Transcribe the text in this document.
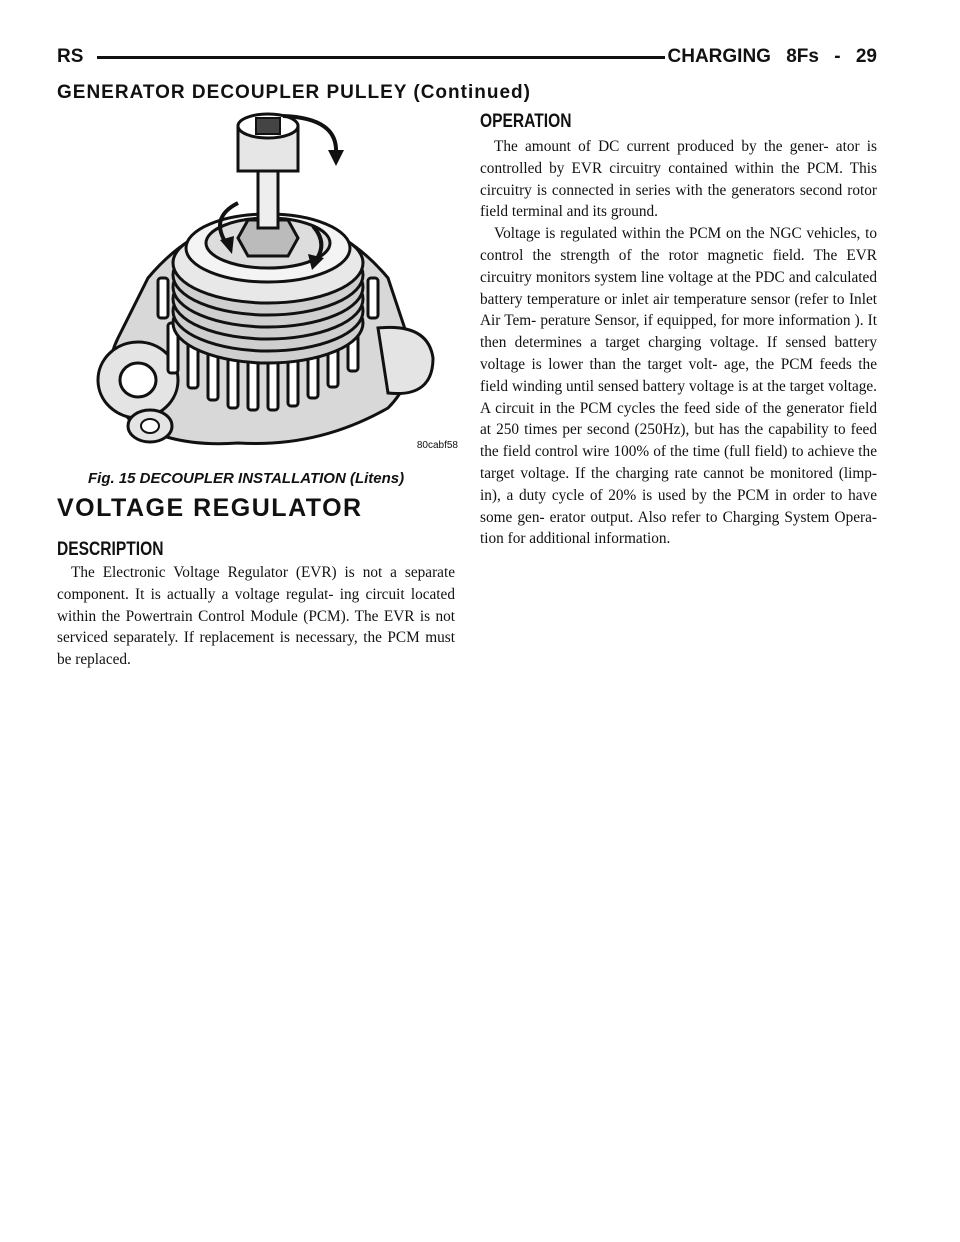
RS	CHARGING 8Fs - 29
GENERATOR DECOUPLER PULLEY (Continued)
80cabf58
Fig. 15 DECOUPLER INSTALLATION (Litens)
VOLTAGE REGULATOR
DESCRIPTION

The Electronic Voltage Regulator (EVR) is not a separate component. It is actually a voltage regulat- ing circuit located within the Powertrain Control Module (PCM). The EVR is not serviced separately. If replacement is necessary, the PCM must be replaced.

OPERATION

The amount of DC current produced by the gener- ator is controlled by EVR circuitry contained within the PCM. This circuitry is connected in series with the generators second rotor field terminal and its ground.

Voltage is regulated within the PCM on the NGC vehicles, to control the strength of the rotor magnetic field. The EVR circuitry monitors system line voltage at the PDC and calculated battery temperature or inlet air temperature sensor (refer to Inlet Air Tem- perature Sensor, if equipped, for more information ). It then determines a target charging voltage. If sensed battery voltage is lower than the target volt- age, the PCM feeds the field winding until sensed battery voltage is at the target voltage. A circuit in the PCM cycles the feed side of the generator field at 250 times per second (250Hz), but has the capability to feed the field control wire 100% of the time (full field) to achieve the target voltage. If the charging rate cannot be monitored (limp-in), a duty cycle of 20% is used by the PCM in order to have some gen- erator output. Also refer to Charging System Opera- tion for additional information.
